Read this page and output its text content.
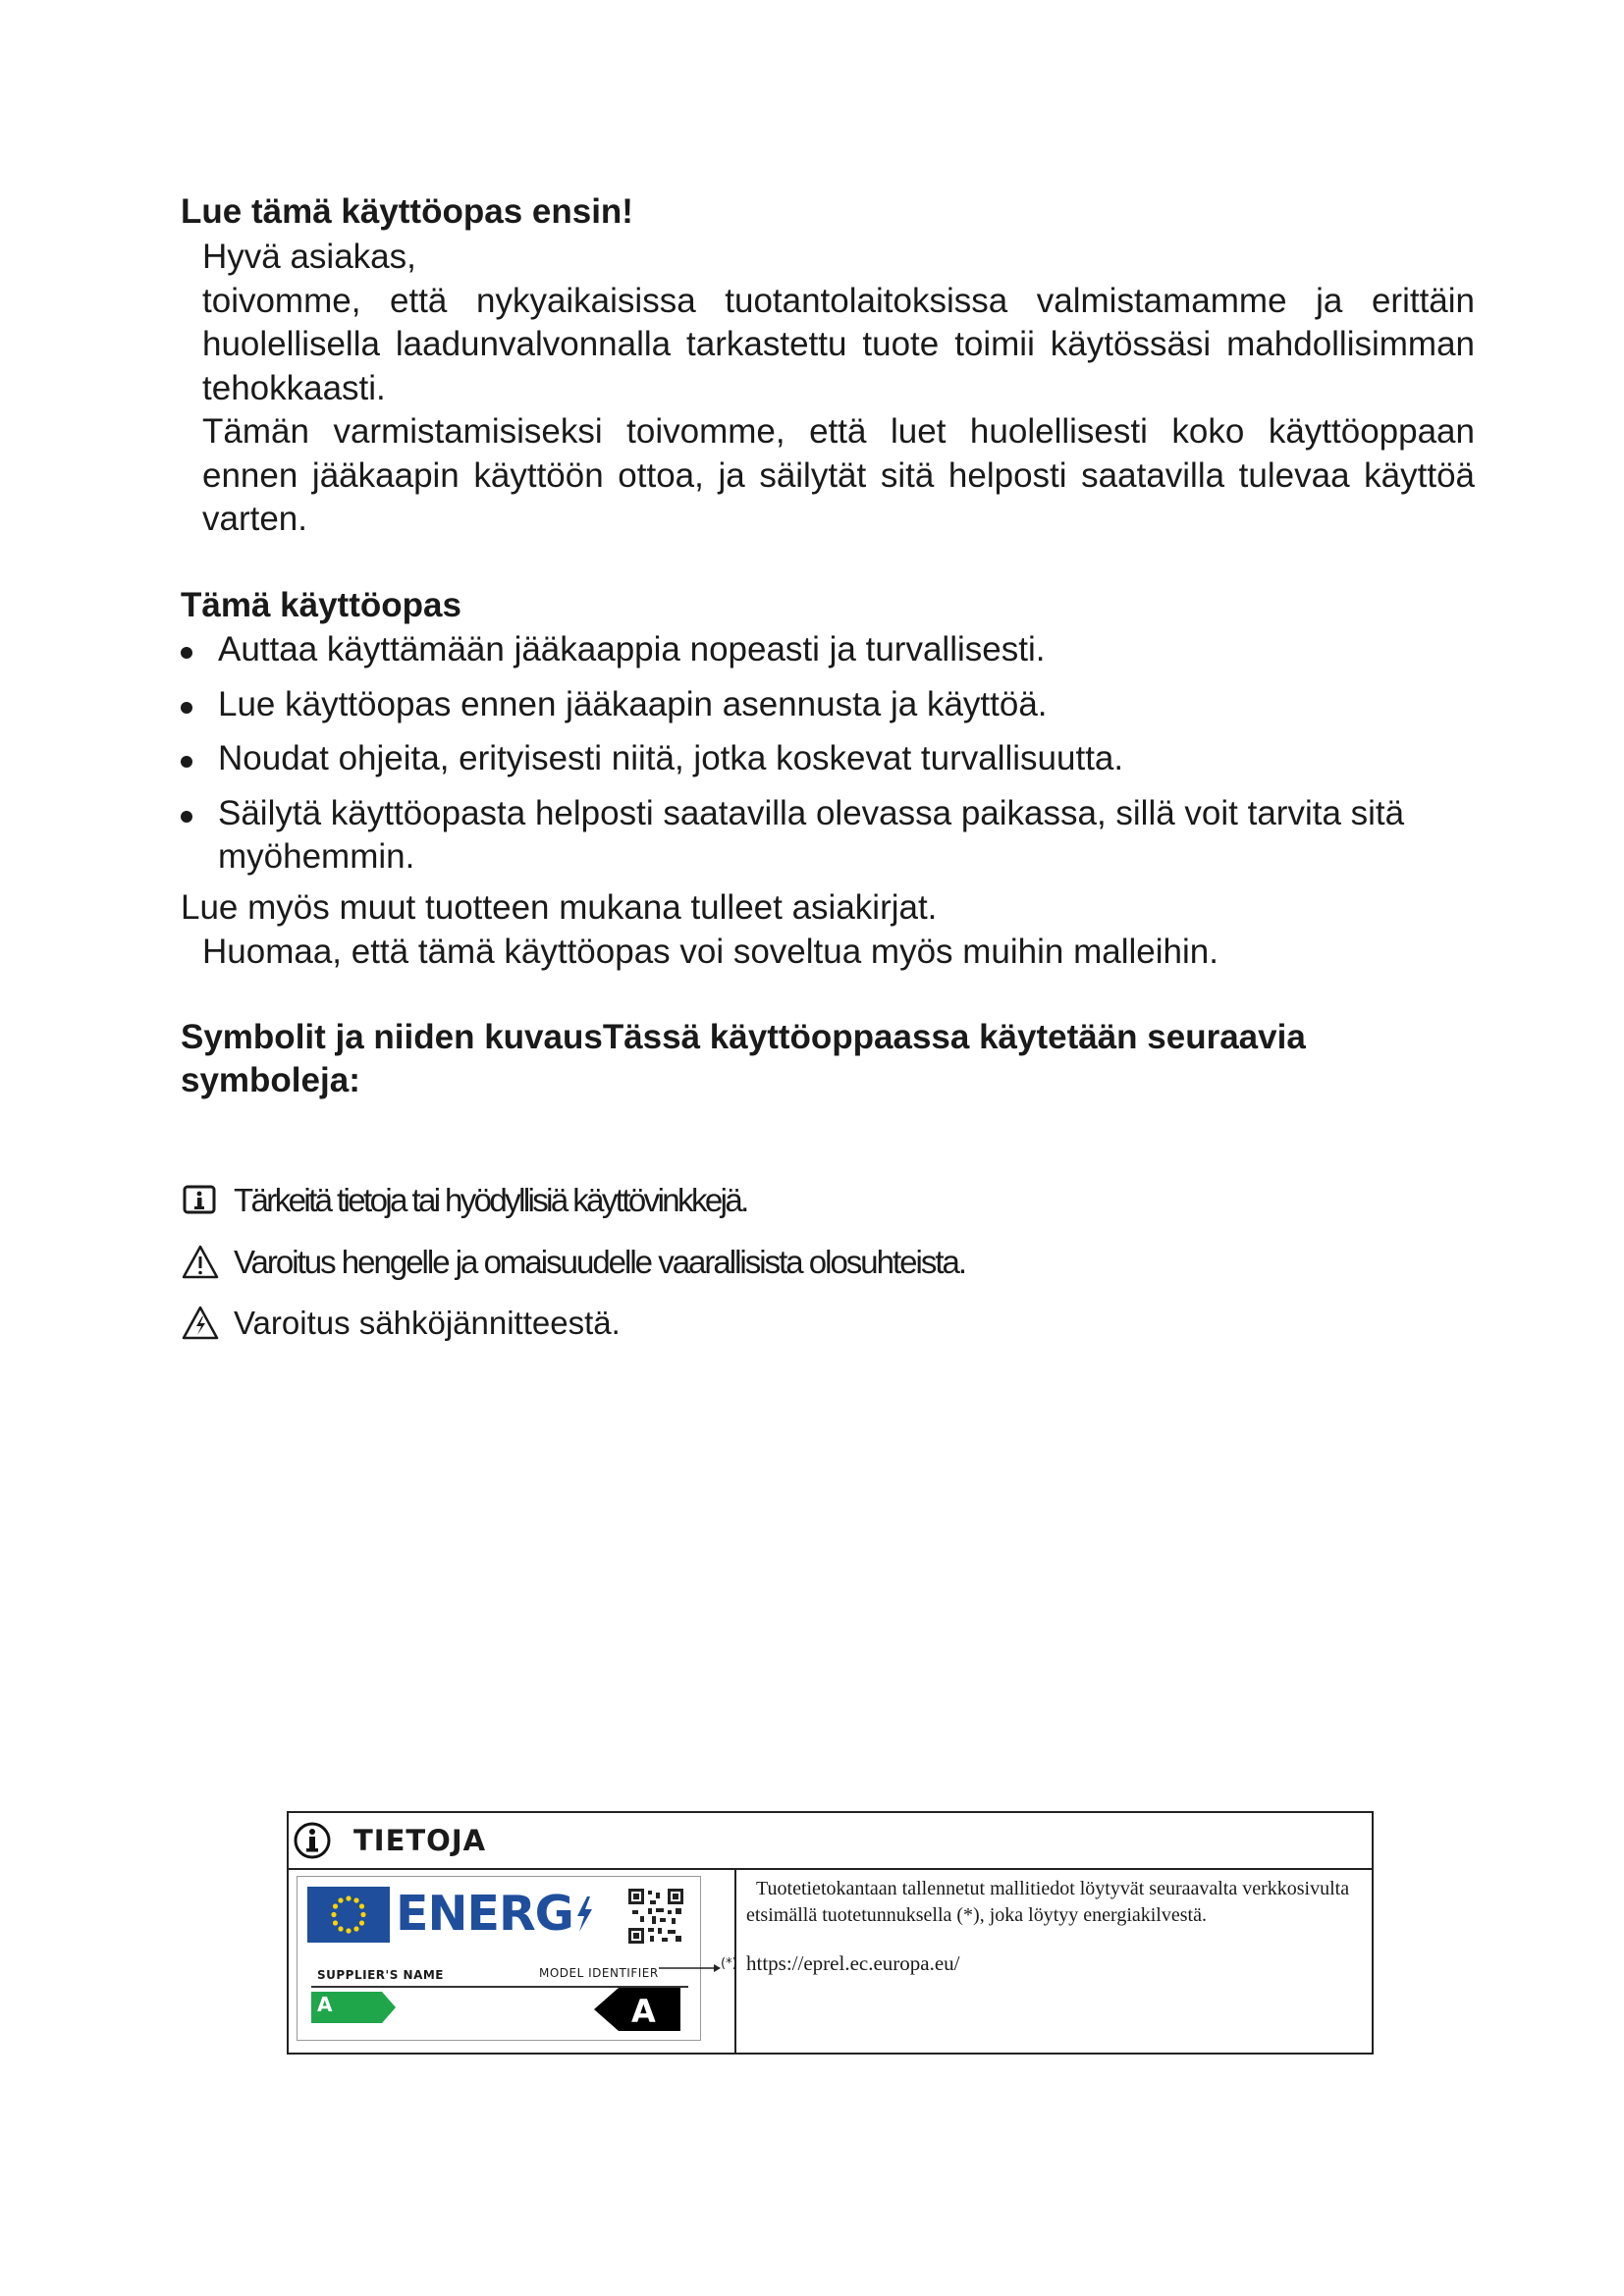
Lue tämä käyttöopas ensin!

Hyvä asiakas,

toivomme, että nykyaikaisissa tuotantolaitoksissa valmistamamme ja erittäin huolellisella laadunvalvonnalla tarkastettu tuote toimii käytössäsi mahdollisimman tehokkaasti.

Tämän varmistamisiseksi toivomme, että luet huolellisesti koko käyttöoppaan ennen jääkaapin käyttöön ottoa, ja säilytät sitä helposti saatavilla tulevaa käyttöä varten.

Tämä käyttöopas
Auttaa käyttämään jääkaappia nopeasti ja turvallisesti.
Lue käyttöopas ennen jääkaapin asennusta ja käyttöä.
Noudat ohjeita, erityisesti niitä, jotka koskevat turvallisuutta.
Säilytä käyttöopasta helposti saatavilla olevassa paikassa, sillä voit tarvita sitä myöhemmin.

Lue myös muut tuotteen mukana tulleet asiakirjat.

Huomaa, että tämä käyttöopas voi soveltua myös muihin malleihin.

Symbolit ja niiden kuvausTässä käyttöoppaassa käytetään seuraavia symboleja:
Tärkeitä tietoja tai hyödyllisiä käyttövinkkejä.
Varoitus hengelle ja omaisuudelle vaarallisista olosuhteista.
Varoitus sähköjännitteestä.
TIETOJA
ENERG
SUPPLIER'S NAME	MODEL IDENTIFIER
A	A
(*)

Tuotetietokantaan tallennetut mallitiedot löytyvät seuraavalta verkkosivulta etsimällä tuotetunnuksella (*), joka löytyy energiakilvestä.

https://eprel.ec.europa.eu/
